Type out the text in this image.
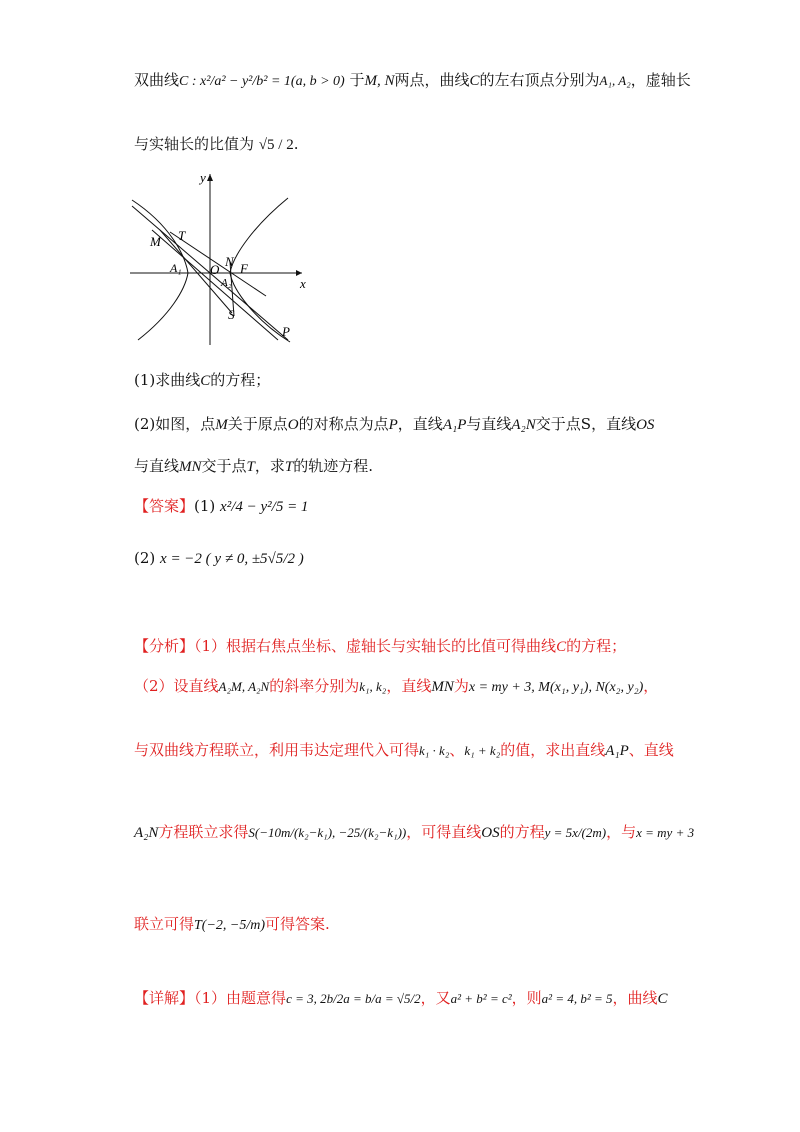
双曲线C : x²/a² − y²/b² = 1(a, b > 0) 于M, N两点，曲线C的左右顶点分别为A₁, A₂，虚轴长
与实轴长的比值为 √5 / 2.
x
y
M T
N F
A₁ O
A₂
S
P
(1)求曲线C的方程；
(2)如图，点M关于原点O的对称点为点P，直线A₁P与直线A₂N交于点S，直线OS
与直线MN交于点T，求T的轨迹方程.
【答案】(1) x²/4 − y²/5 = 1
(2) x = −2 ( y ≠ 0, ±5√5/2 )
【分析】（1）根据右焦点坐标、虚轴长与实轴长的比值可得曲线C的方程；
（2）设直线A₂M, A₂N的斜率分别为k₁, k₂，直线MN为x = my + 3, M(x₁, y₁), N(x₂, y₂)，
与双曲线方程联立，利用韦达定理代入可得k₁ · k₂、k₁ + k₂的值，求出直线A₁P、直线
A₂N方程联立求得S(−10m/(k₂−k₁), −25/(k₂−k₁))，可得直线OS的方程y = 5x/(2m)，与x = my + 3
联立可得T(−2, −5/m)可得答案.
【详解】（1）由题意得c = 3, 2b/2a = b/a = √5/2，又a² + b² = c²，则a² = 4, b² = 5，曲线C
